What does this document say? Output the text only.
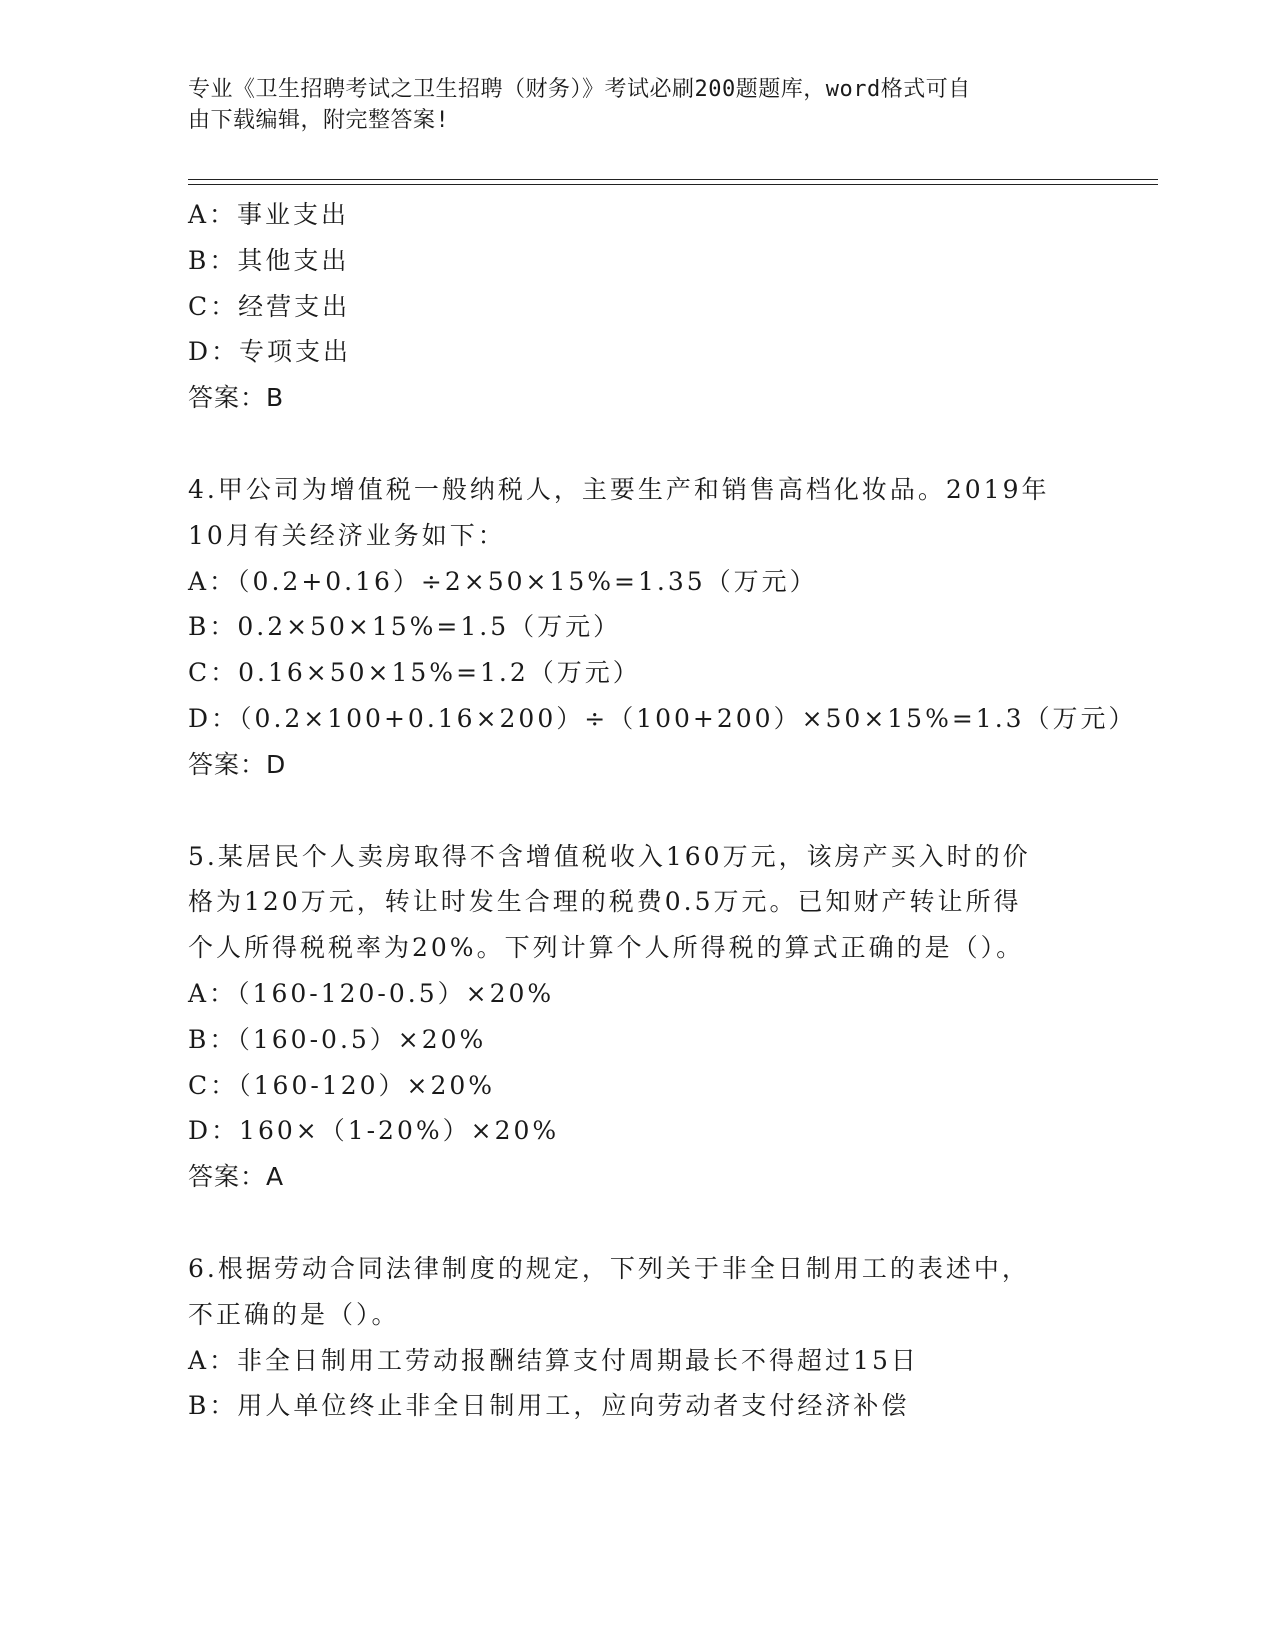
专业《卫生招聘考试之卫生招聘（财务）》考试必刷200题题库，word格式可自
由下载编辑，附完整答案!
A：事业支出
B：其他支出
C：经营支出
D：专项支出
答案：B
4.甲公司为增值税一般纳税人，主要生产和销售高档化妆品。2019年
10月有关经济业务如下：
A：（0.2+0.16）÷2×50×15%=1.35（万元）
B：0.2×50×15%=1.5（万元）
C：0.16×50×15%=1.2（万元）
D：（0.2×100+0.16×200）÷（100+200）×50×15%=1.3（万元）
答案：D
5.某居民个人卖房取得不含增值税收入160万元，该房产买入时的价
格为120万元，转让时发生合理的税费0.5万元。已知财产转让所得
个人所得税税率为20%。下列计算个人所得税的算式正确的是（）。
A：（160-120-0.5）×20%
B：（160-0.5）×20%
C：（160-120）×20%
D：160×（1-20%）×20%
答案：A
6.根据劳动合同法律制度的规定，下列关于非全日制用工的表述中，
不正确的是（）。
A：非全日制用工劳动报酬结算支付周期最长不得超过15日
B：用人单位终止非全日制用工，应向劳动者支付经济补偿
